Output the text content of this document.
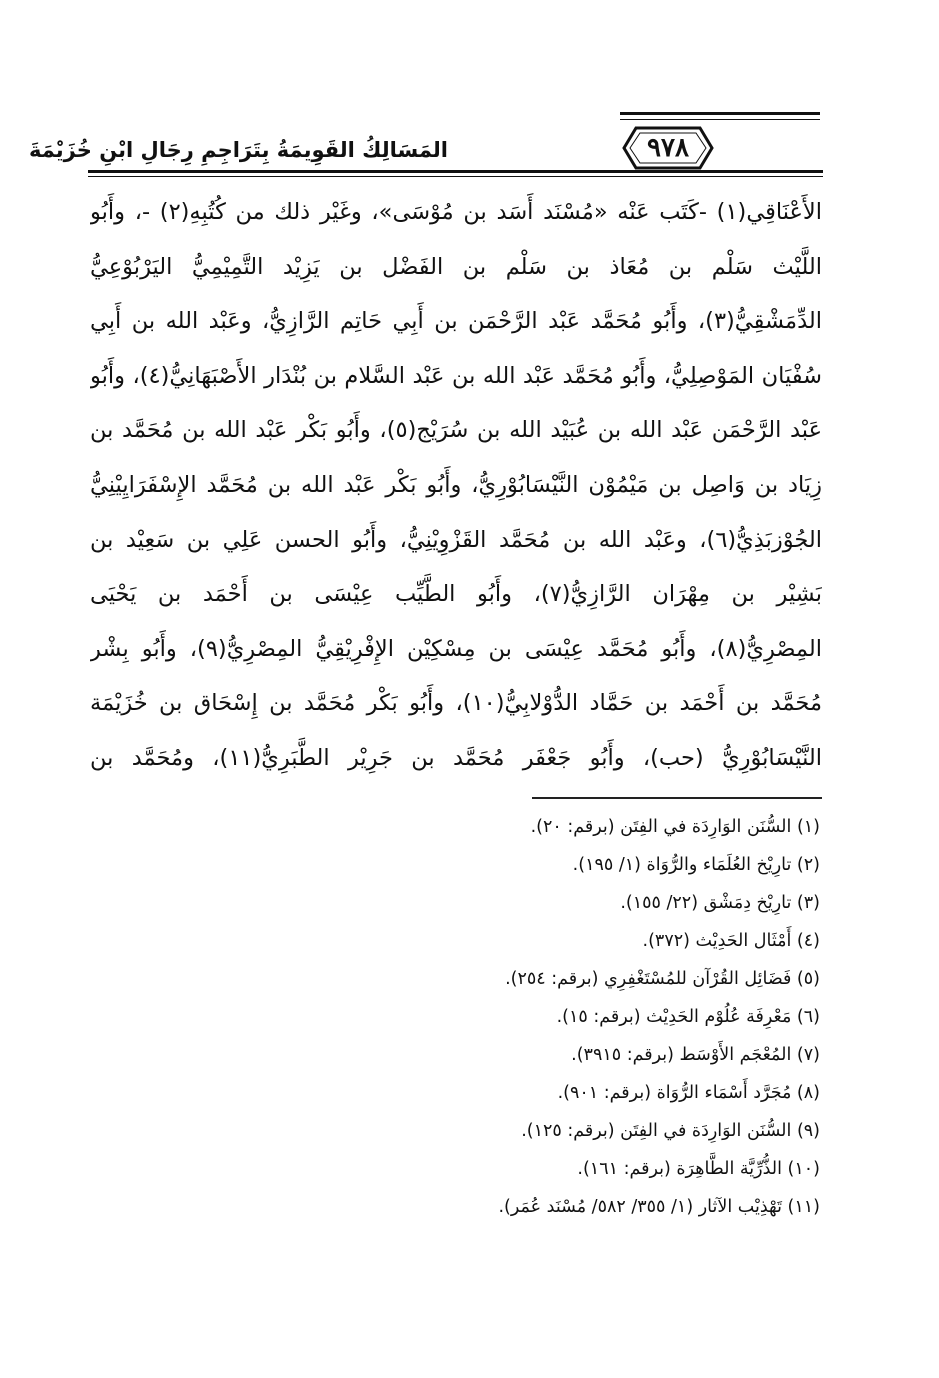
٩٧٨
المَسَالِكُ القَوِيمَةُ بِتَرَاجِمِ رِجَالِ ابْنِ خُزَيْمَةَ
الأَعْنَاقِي(١) -كَتَب عَنْه «مُسْنَد أَسَد بن مُوْسَى»، وغَيْر ذلك من كُتُبِهِ(٢) -، وأَبُو
اللَّيْث سَلْم بن مُعَاذ بن سَلْم بن الفَضْل بن يَزِيْد التَّمِيْمِيُّ اليَرْبُوْعِيُّ
الدِّمَشْقِيُّ(٣)، وأَبُو مُحَمَّد عَبْد الرَّحْمَن بن أَبِي حَاتِم الرَّازِيُّ، وعَبْد الله بن أَبِي
سُفْيَان المَوْصِلِيُّ، وأَبُو مُحَمَّد عَبْد الله بن عَبْد السَّلام بن بُنْدَار الأَصْبَهَانِيُّ(٤)، وأَبُو
عَبْد الرَّحْمَن عَبْد الله بن عُبَيْد الله بن سُرَيْج(٥)، وأَبُو بَكْر عَبْد الله بن مُحَمَّد بن
زِيَاد بن وَاصِل بن مَيْمُوْن النَّيْسَابُوْرِيُّ، وأَبُو بَكْر عَبْد الله بن مُحَمَّد الإِسْفَرَايِيْنِيُّ
الجُوْزبَذِيُّ(٦)، وعَبْد الله بن مُحَمَّد القَزْوِيْنِيُّ، وأَبُو الحسن عَلِي بن سَعِيْد بن
بَشِيْر بن مِهْرَان الرَّازِيُّ(٧)، وأَبُو الطَّيِّب عِيْسَى بن أَحْمَد بن يَحْيَى
المِصْرِيُّ(٨)، وأَبُو مُحَمَّد عِيْسَى بن مِسْكِيْن الإِفْرِيْقِيُّ المِصْرِيُّ(٩)، وأَبُو بِشْر
مُحَمَّد بن أَحْمَد بن حَمَّاد الدُّوْلابِيُّ(١٠)، وأَبُو بَكْر مُحَمَّد بن إِسْحَاق بن خُزَيْمَة
النَّيْسَابُوْرِيُّ (حب)، وأَبُو جَعْفَر مُحَمَّد بن جَرِيْر الطَّبَرِيُّ(١١)، ومُحَمَّد بن
(١) السُّنَن الوَارِدَة في الفِتَن (برقم: ٢٠).
(٢) تارِيْخ العُلَمَاء والرُّوَاة (١/ ١٩٥).
(٣) تارِيْخ دِمَشْق (٢٢/ ١٥٥).
(٤) أَمْثَال الحَدِيْث (٣٧٢).
(٥) فَضَائِل القُرْآن للمُسْتَغْفِرِي (برقم: ٢٥٤).
(٦) مَعْرِفَة عُلُوْم الحَدِيْث (برقم: ١٥).
(٧) المُعْجَم الأَوْسَط (برقم: ٣٩١٥).
(٨) مُجَرَّد أَسْمَاء الرُّوَاة (برقم: ٩٠١).
(٩) السُّنَن الوَارِدَة في الفِتَن (برقم: ١٢٥).
(١٠) الذُّرِّيَّة الطَّاهِرَة (برقم: ١٦١).
(١١) تَهْذِيْب الآثار (١/ ٣٥٥/ ٥٨٢/ مُسْنَد عُمَر).
